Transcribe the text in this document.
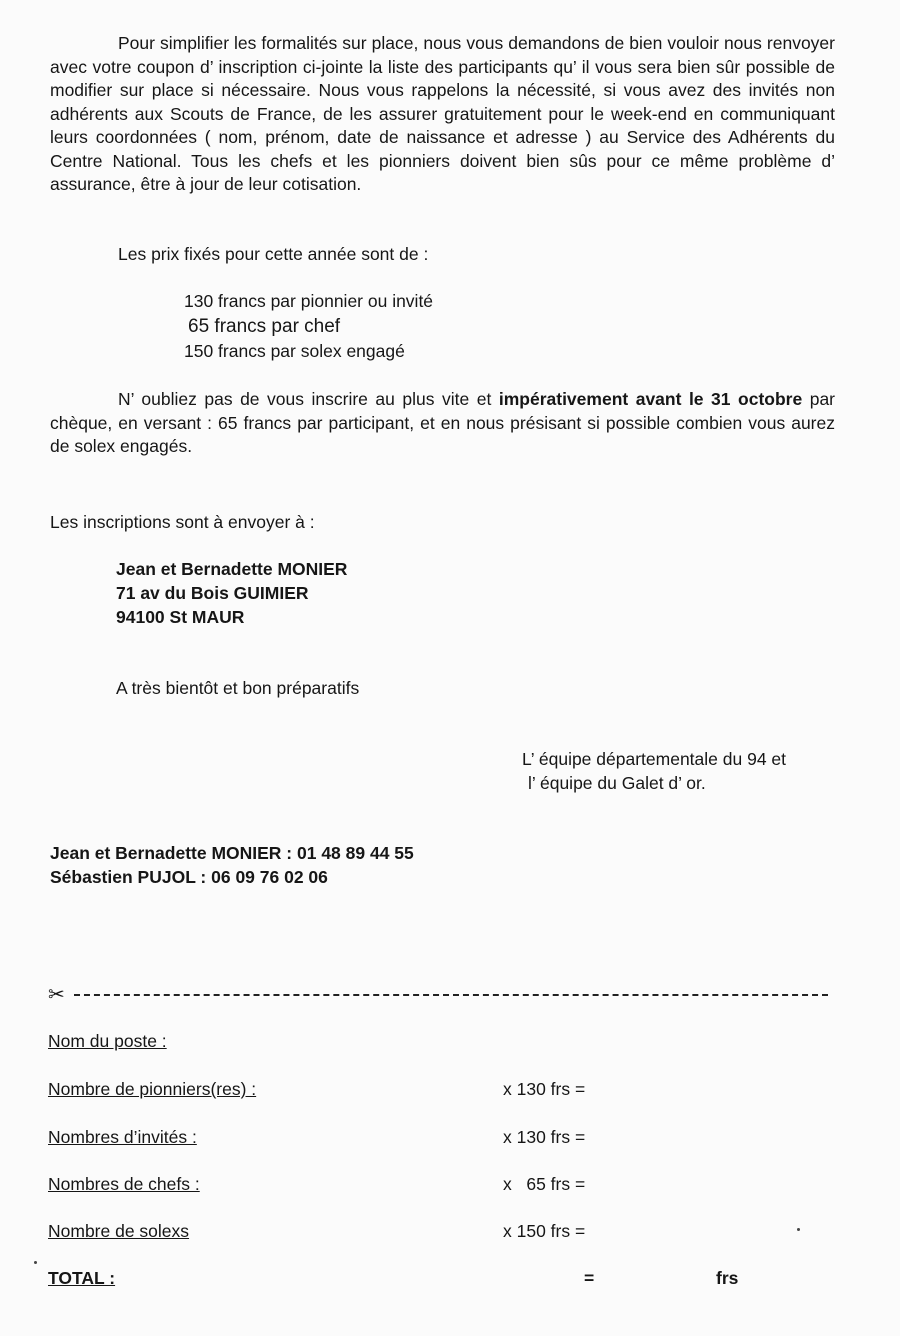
Pour simplifier les formalités sur place, nous vous demandons de bien vouloir nous renvoyer avec votre coupon d’ inscription ci-jointe la liste des participants qu’ il vous sera bien sûr possible de modifier sur place si nécessaire. Nous vous rappelons la nécessité, si vous avez des invités non adhérents aux Scouts de France, de les assurer gratuitement pour le week-end en communiquant leurs coordonnées ( nom, prénom, date de naissance et adresse ) au Service des Adhérents du Centre National. Tous les chefs et les pionniers doivent bien sûs pour ce même problème d’ assurance, être à jour de leur cotisation.
Les prix fixés pour cette année sont de :
130 francs par pionnier ou invité
65 francs par chef
150 francs par solex engagé
N’ oubliez pas de vous inscrire au plus vite et impérativement avant le 31 octobre par chèque, en versant : 65 francs par participant, et en nous présisant si possible combien vous aurez de solex engagés.
Les inscriptions sont à envoyer à :
Jean et Bernadette MONIER
71 av du Bois GUIMIER
94100 St MAUR
A très bientôt et bon préparatifs
L’ équipe départementale du 94 et
l’ équipe du Galet d’ or.
Jean et Bernadette MONIER : 01 48 89 44 55
Sébastien PUJOL : 06 09 76 02 06
✂
Nom du poste :
Nombre de pionniers(res) :	x 130 frs =
Nombres d’invités :	x 130 frs =
Nombres de chefs :	x   65 frs =
Nombre de solexs	x 150 frs =
TOTAL :	=	frs
